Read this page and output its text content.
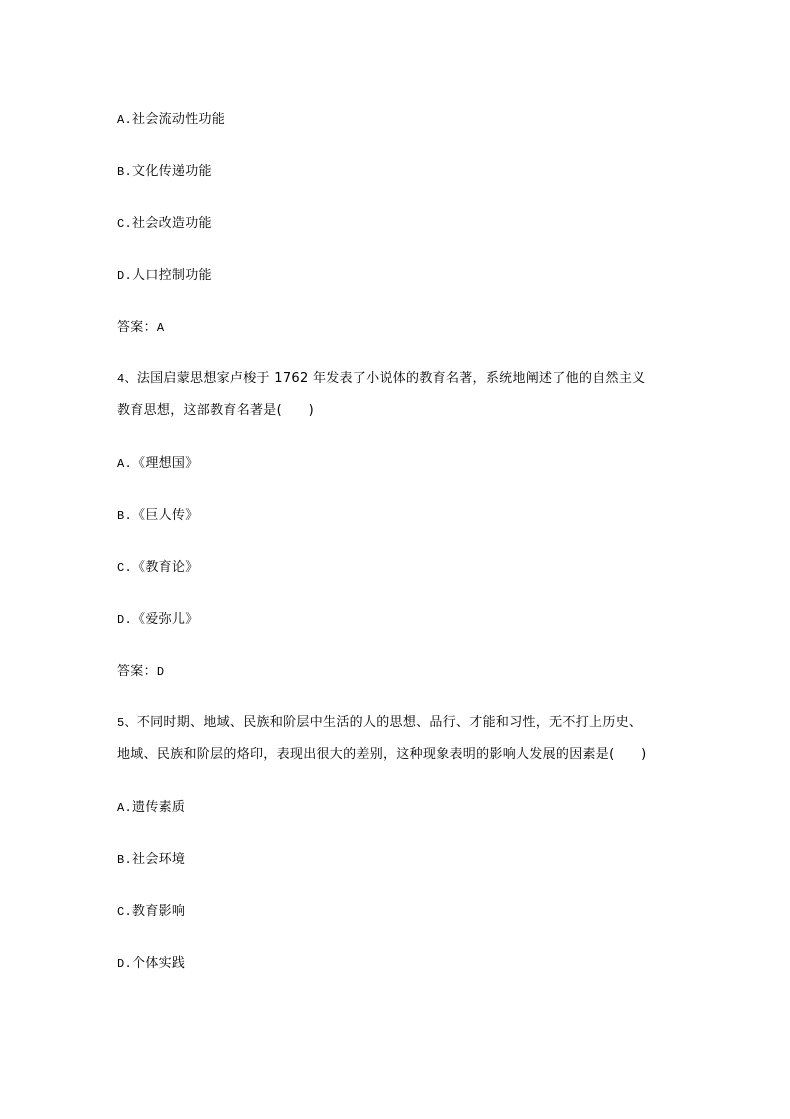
A.社会流动性功能
B.文化传递功能
C.社会改造功能
D.人口控制功能
答案：A
4、法国启蒙思想家卢梭于 1762 年发表了小说体的教育名著，系统地阐述了他的自然主义
教育思想，这部教育名著是(　　)
A.《理想国》
B.《巨人传》
C.《教育论》
D.《爱弥儿》
答案：D
5、不同时期、地域、民族和阶层中生活的人的思想、品行、才能和习性，无不打上历史、
地域、民族和阶层的烙印，表现出很大的差别，这种现象表明的影响人发展的因素是(　　)
A.遗传素质
B.社会环境
C.教育影响
D.个体实践
